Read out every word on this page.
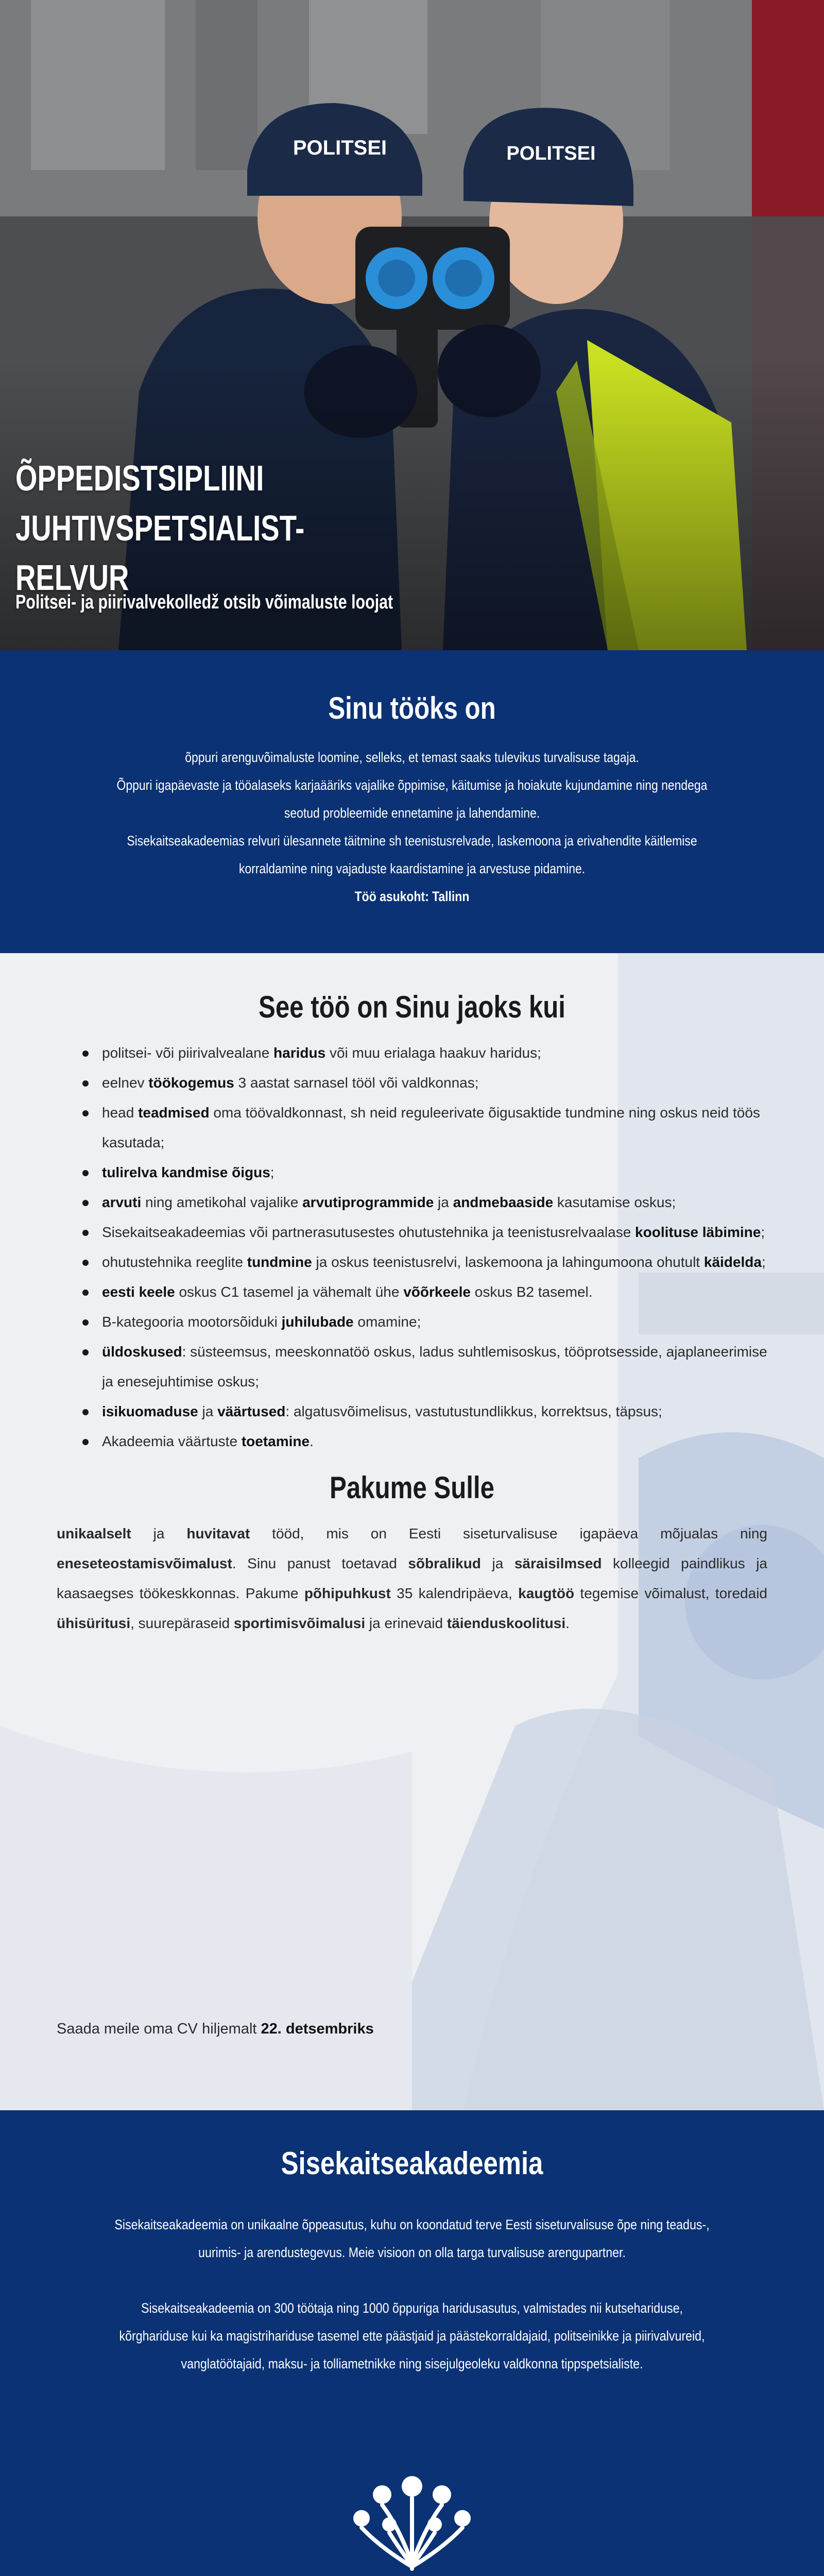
POLITSEI	POLITSEI
ÕPPEDISTSIPLIINI JUHTIVSPETSIALIST-
RELVUR
Politsei- ja piirivalvekolledž otsib võimaluste loojat
Sinu tööks on

õppuri arenguvõimaluste loomine, selleks, et temast saaks tulevikus turvalisuse tagaja.
Õppuri igapäevaste ja tööalaseks karjaääriks vajalike õppimise, käitumise ja hoiakute kujundamine ning nendega
seotud probleemide ennetamine ja lahendamine.
Sisekaitseakadeemias relvuri ülesannete täitmine sh teenistusrelvade, laskemoona ja erivahendite käitlemise
korraldamine ning vajaduste kaardistamine ja arvestuse pidamine.
Töö asukoht: Tallinn

See töö on Sinu jaoks kui
politsei- või piirivalvealane haridus või muu erialaga haakuv haridus;
eelnev töökogemus 3 aastat sarnasel tööl või valdkonnas;
head teadmised oma töövaldkonnast, sh neid reguleerivate õigusaktide tundmine ning oskus neid töös kasutada;
tulirelva kandmise õigus;
arvuti ning ametikohal vajalike arvutiprogrammide ja andmebaaside kasutamise oskus;
Sisekaitseakadeemias või partnerasutusestes ohutustehnika ja teenistusrelvaalase koolituse läbimine;
ohutustehnika reeglite tundmine ja oskus teenistusrelvi, laskemoona ja lahingumoona ohutult käidelda;
eesti keele oskus C1 tasemel ja vähemalt ühe võõrkeele oskus B2 tasemel.
B-kategooria mootorsõiduki juhilubade omamine;
üldoskused: süsteemsus, meeskonnatöö oskus, ladus suhtlemisoskus, tööprotsesside, ajaplaneerimise ja enesejuhtimise oskus;
isikuomaduse ja väärtused: algatusvõimelisus, vastutustundlikkus, korrektsus, täpsus;
Akadeemia väärtuste toetamine.
Pakume Sulle

unikaalselt ja huvitavat tööd, mis on Eesti siseturvalisuse igapäeva mõjualas ning eneseteostamisvõimalust. Sinu panust toetavad sõbralikud ja säraisilmsed kolleegid paindlikus ja kaasaegses töökeskkonnas. Pakume põhipuhkust 35 kalendripäeva, kaugtöö tegemise võimalust, toredaid ühisüritusi, suurepäraseid sportimisvõimalusi ja erinevaid täienduskoolitusi.

Saada meile oma CV hiljemalt 22. detsembriks
Sisekaitseakadeemia

Sisekaitseakadeemia on unikaalne õppeasutus, kuhu on koondatud terve Eesti siseturvalisuse õpe ning teadus-,
uurimis- ja arendustegevus. Meie visioon on olla targa turvalisuse arengupartner.

Sisekaitseakadeemia on 300 töötaja ning 1000 õppuriga haridusasutus, valmistades nii kutsehariduse,
kõrghariduse kui ka magistriharidusе tasemel ette päästjaid ja päästekorraldajaid, politseinikke ja piirivalvureid,
vanglatöötajaid, maksu- ja tolliametnikke ning sisejulgeoleku valdkonna tippspetsialiste.
